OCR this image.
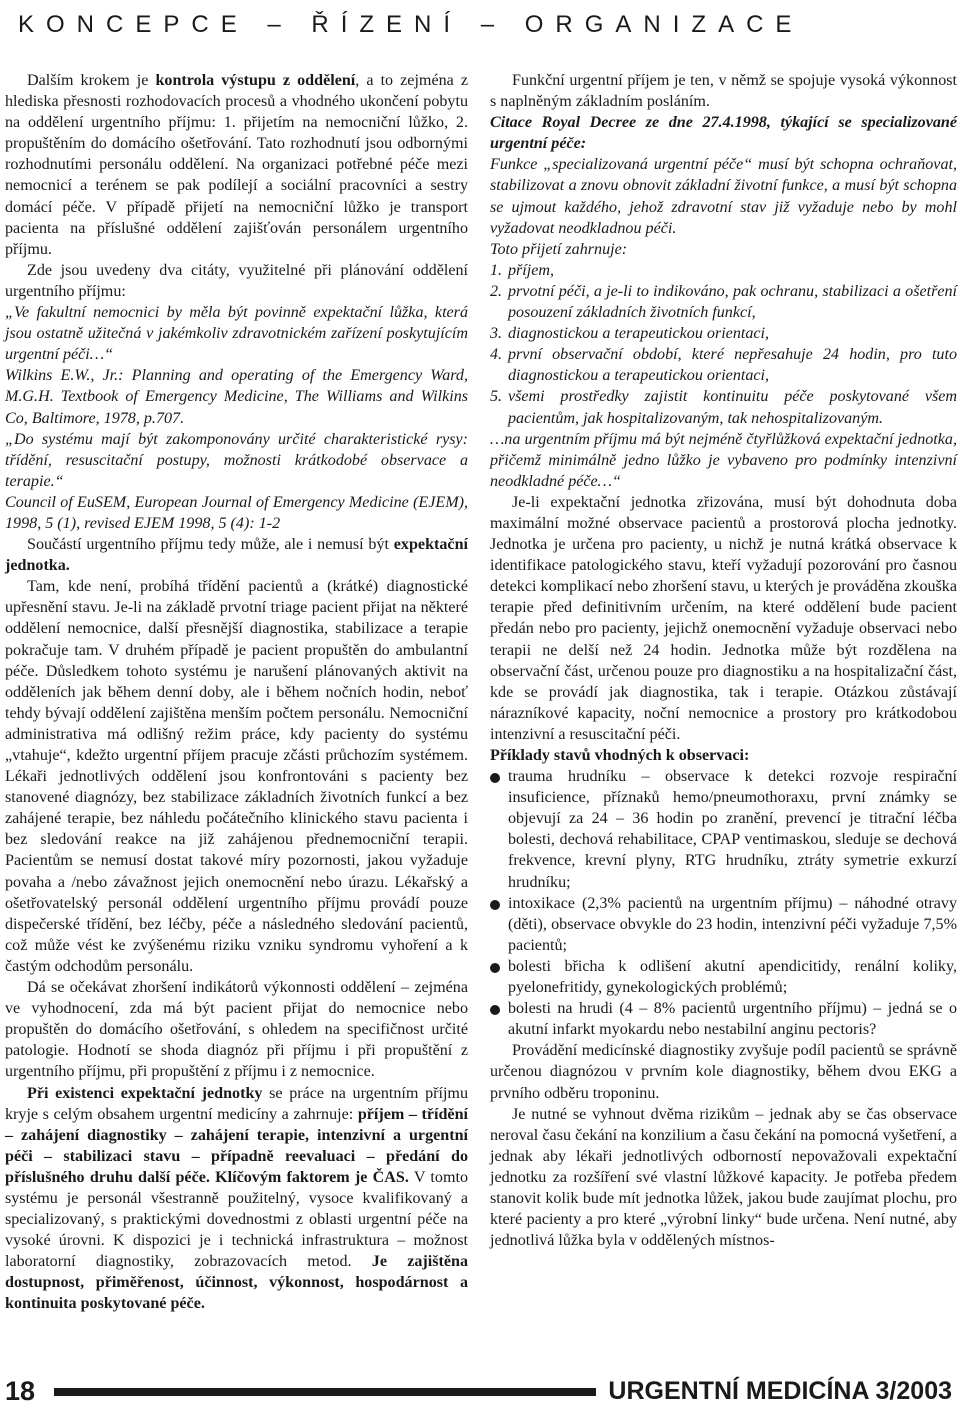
KONCEPCE – ŘÍZENÍ – ORGANIZACE

Dalším krokem je kontrola výstupu z oddělení, a to zejména z hlediska přesnosti rozhodovacích procesů a vhodného ukončení pobytu na oddělení urgentního příjmu: 1. přijetím na nemocniční lůžko, 2. propuštěním do domácího ošetřování. Tato rozhodnutí jsou odbornými rozhodnutími personálu oddělení. Na organizaci potřebné péče mezi nemocnicí a terénem se pak podílejí a sociální pracovníci a sestry domácí péče. V případě přijetí na nemocniční lůžko je transport pacienta na příslušné oddělení zajišťován personálem urgentního příjmu.

Zde jsou uvedeny dva citáty, využitelné při plánování oddělení urgentního příjmu:

„Ve fakultní nemocnici by měla být povinně expektační lůžka, která jsou ostatně užitečná v jakémkoliv zdravotnickém zařízení poskytujícím urgentní péči…“

Wilkins E.W., Jr.: Planning and operating of the Emergency Ward, M.G.H. Textbook of Emergency Medicine, The Williams and Wilkins Co, Baltimore, 1978, p.707.

„Do systému mají být zakomponovány určité charakteristické rysy: třídění, resuscitační postupy, možnosti krátkodobé observace a terapie.“

Council of EuSEM, European Journal of Emergency Medicine (EJEM), 1998, 5 (1), revised EJEM 1998, 5 (4): 1-2

Součástí urgentního příjmu tedy může, ale i nemusí být expektační jednotka.

Tam, kde není, probíhá třídění pacientů a (krátké) diagnostické upřesnění stavu. Je-li na základě prvotní triage pacient přijat na některé oddělení nemocnice, další přesnější diagnostika, stabilizace a terapie pokračuje tam. V druhém případě je pacient propuštěn do ambulantní péče. Důsledkem tohoto systému je narušení plánovaných aktivit na odděleních jak během denní doby, ale i během nočních hodin, neboť tehdy bývají oddělení zajištěna menším počtem personálu. Nemocniční administrativa má odlišný režim práce, kdy pacienty do systému „vtahuje“, kdežto urgentní příjem pracuje zčásti průchozím systémem. Lékaři jednotlivých oddělení jsou konfrontováni s pacienty bez stanovené diagnózy, bez stabilizace základních životních funkcí a bez zahájené terapie, bez náhledu počátečního klinického stavu pacienta i bez sledování reakce na již zahájenou přednemocniční terapii. Pacientům se nemusí dostat takové míry pozornosti, jakou vyžaduje povaha a /nebo závažnost jejich onemocnění nebo úrazu. Lékařský a ošetřovatelský personál oddělení urgentního příjmu provádí pouze dispečerské třídění, bez léčby, péče a následného sledování pacientů, což může vést ke zvýšenému riziku vzniku syndromu vyhoření a k častým odchodům personálu.

Dá se očekávat zhoršení indikátorů výkonnosti oddělení – zejména ve vyhodnocení, zda má být pacient přijat do nemocnice nebo propuštěn do domácího ošetřování, s ohledem na specifičnost určité patologie. Hodnotí se shoda diagnóz při příjmu i při propuštění z urgentního příjmu, při propuštění z příjmu i z nemocnice.

Při existenci expektační jednotky se práce na urgentním příjmu kryje s celým obsahem urgentní medicíny a zahrnuje: příjem – třídění – zahájení diagnostiky – zahájení terapie, intenzivní a urgentní péči – stabilizaci stavu – případně reevaluaci – předání do příslušného druhu další péče. Klíčovým faktorem je ČAS. V tomto systému je personál všestranně použitelný, vysoce kvalifikovaný a specializovaný, s praktickými dovednostmi z oblasti urgentní péče na vysoké úrovni. K dispozici je i technická infrastruktura – možnost laboratorní diagnostiky, zobrazovacích metod. Je zajištěna dostupnost, přiměřenost, účinnost, výkonnost, hospodárnost a kontinuita poskytované péče.

Funkční urgentní příjem je ten, v němž se spojuje vysoká výkonnost s naplněným základním posláním.

Citace Royal Decree ze dne 27.4.1998, týkající se specializované urgentní péče:

Funkce „specializovaná urgentní péče“ musí být schopna ochraňovat, stabilizovat a znovu obnovit základní životní funkce, a musí být schopna se ujmout každého, jehož zdravotní stav již vyžaduje nebo by mohl vyžadovat neodkladnou péči.

Toto přijetí zahrnuje:

1. příjem,
2. prvotní péči, a je-li to indikováno, pak ochranu, stabilizaci a ošetření posouzení základních životních funkcí,
3. diagnostickou a terapeutickou orientaci,
4. první observační období, které nepřesahuje 24 hodin, pro tuto diagnostickou a terapeutickou orientaci,
5. všemi prostředky zajistit kontinuitu péče poskytované všem pacientům, jak hospitalizovaným, tak nehospitalizovaným.

…na urgentním příjmu má být nejméně čtyřlůžková expektační jednotka, přičemž minimálně jedno lůžko je vybaveno pro podmínky intenzivní neodkladné péče…“

Je-li expektační jednotka zřizována, musí být dohodnuta doba maximální možné observace pacientů a prostorová plocha jednotky. Jednotka je určena pro pacienty, u nichž je nutná krátká observace k identifikace patologického stavu, kteří vyžadují pozorování pro časnou detekci komplikací nebo zhoršení stavu, u kterých je prováděna zkouška terapie před definitivním určením, na které oddělení bude pacient předán nebo pro pacienty, jejichž onemocnění vyžaduje observaci nebo terapii ne delší než 24 hodin. Jednotka může být rozdělena na observační část, určenou pouze pro diagnostiku a na hospitalizační část, kde se provádí jak diagnostika, tak i terapie. Otázkou zůstávají nárazníkové kapacity, noční nemocnice a prostory pro krátkodobou intenzivní a resuscitační péči.

Příklady stavů vhodných k observaci:

trauma hrudníku – observace k detekci rozvoje respirační insuficience, příznaků hemo/pneumothoraxu, první známky se objevují za 24 – 36 hodin po zranění, prevencí je titrační léčba bolesti, dechová rehabilitace, CPAP ventimaskou, sleduje se dechová frekvence, krevní plyny, RTG hrudníku, ztráty symetrie exkurzí hrudníku;
intoxikace (2,3% pacientů na urgentním příjmu) – náhodné otravy (děti), observace obvykle do 23 hodin, intenzivní péči vyžaduje 7,5% pacientů;
bolesti břicha k odlišení akutní apendicitidy, renální koliky, pyelonefritidy, gynekologických problémů;
bolesti na hrudi (4 – 8% pacientů urgentního příjmu) – jedná se o akutní infarkt myokardu nebo nestabilní anginu pectoris?

Provádění medicínské diagnostiky zvyšuje podíl pacientů se správně určenou diagnózou v prvním kole diagnostiky, během dvou EKG a prvního odběru troponinu.

Je nutné se vyhnout dvěma rizikům – jednak aby se čas observace neroval času čekání na konzilium a času čekání na pomocná vyšetření, a jednak aby lékaři jednotlivých odborností nepovažovali expektační jednotku za rozšíření své vlastní lůžkové kapacity. Je potřeba předem stanovit kolik bude mít jednotka lůžek, jakou bude zaujímat plochu, pro které pacienty a pro které „výrobní linky“ bude určena. Není nutné, aby jednotlivá lůžka byla v oddělených místnos-

18	URGENTNÍ MEDICÍNA 3/2003
